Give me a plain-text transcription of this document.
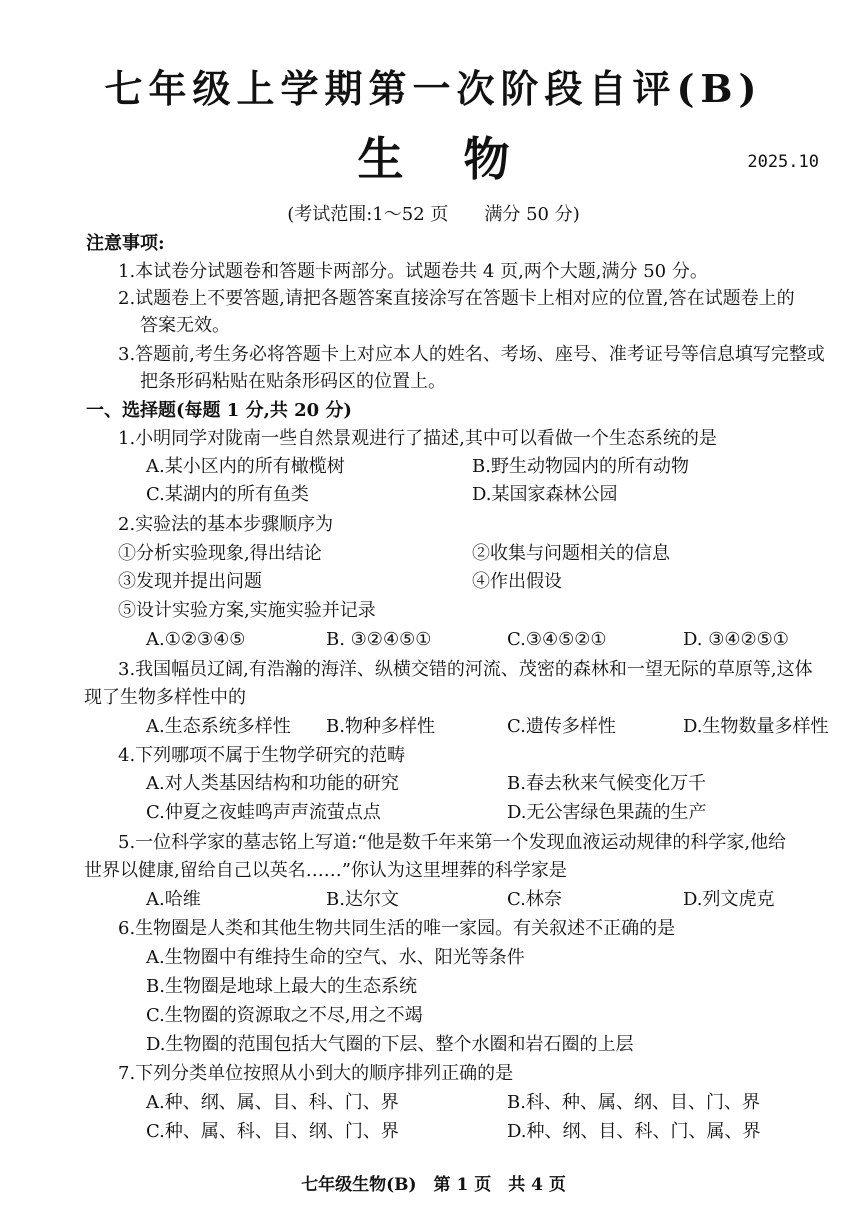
七年级上学期第一次阶段自评(B)
生物	2025.10
(考试范围:1～52 页　　满分 50 分)
注意事项:
1.本试卷分试题卷和答题卡两部分。试题卷共 4 页,两个大题,满分 50 分。
2.试题卷上不要答题,请把各题答案直接涂写在答题卡上相对应的位置,答在试题卷上的
答案无效。
3.答题前,考生务必将答题卡上对应本人的姓名、考场、座号、准考证号等信息填写完整或
把条形码粘贴在贴条形码区的位置上。
一、选择题(每题 1 分,共 20 分)
1.小明同学对陇南一些自然景观进行了描述,其中可以看做一个生态系统的是
A.某小区内的所有橄榄树	B.野生动物园内的所有动物
C.某湖内的所有鱼类	D.某国家森林公园
2.实验法的基本步骤顺序为
①分析实验现象,得出结论	②收集与问题相关的信息
③发现并提出问题	④作出假设
⑤设计实验方案,实施实验并记录
A.①②③④⑤	B. ③②④⑤①	C.③④⑤②①	D. ③④②⑤①
3.我国幅员辽阔,有浩瀚的海洋、纵横交错的河流、茂密的森林和一望无际的草原等,这体
现了生物多样性中的
A.生态系统多样性 B.物种多样性	C.遗传多样性	D.生物数量多样性
4.下列哪项不属于生物学研究的范畴
A.对人类基因结构和功能的研究	B.春去秋来气候变化万千
C.仲夏之夜蛙鸣声声流萤点点	D.无公害绿色果蔬的生产
5.一位科学家的墓志铭上写道:“他是数千年来第一个发现血液运动规律的科学家,他给
世界以健康,留给自己以英名……”你认为这里埋葬的科学家是
A.哈维	B.达尔文	C.林奈	D.列文虎克
6.生物圈是人类和其他生物共同生活的唯一家园。有关叙述不正确的是
A.生物圈中有维持生命的空气、水、阳光等条件
B.生物圈是地球上最大的生态系统
C.生物圈的资源取之不尽,用之不竭
D.生物圈的范围包括大气圈的下层、整个水圈和岩石圈的上层
7.下列分类单位按照从小到大的顺序排列正确的是
A.种、纲、属、目、科、门、界	B.科、种、属、纲、目、门、界
C.种、属、科、目、纲、门、界	D.种、纲、目、科、门、属、界
七年级生物(B)　第 1 页　共 4 页
